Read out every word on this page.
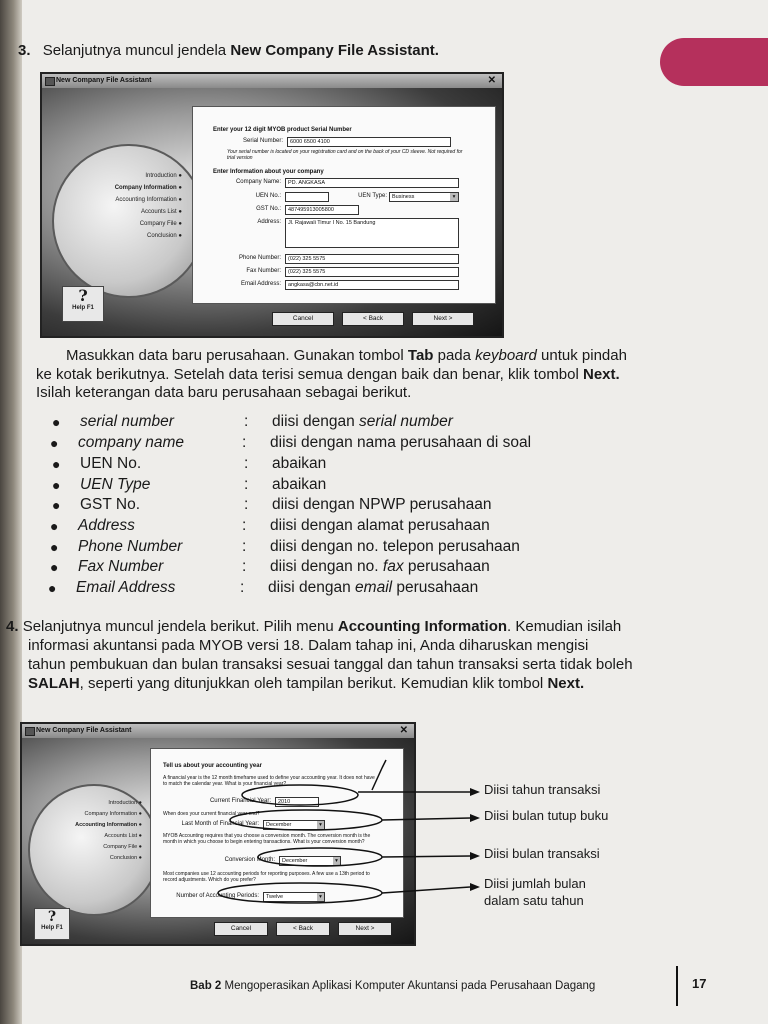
3. Selanjutnya muncul jendela New Company File Assistant.
New Company File Assistant	✕
Introduction ●
Company Information ●
Accounting Information ●
Accounts List ●
Company File ●
Conclusion ●
Enter your 12 digit MYOB product Serial Number
Serial Number:	6000 6500 4100
Your serial number is located on your registration card and on the back of your CD sleeve. Not required for trial version
Enter Information about your company
Company Name:	PD. ANGKASA
UEN No.:	UEN Type: Business	▾
GST No.:	487495913005800
Address:	Jl. Rajawali Timur I No. 15 Bandung
Phone Number:	(022) 325 5575
Fax Number:	(022) 325 5575
Email Address:	angkasa@cbn.net.id
?
Help F1
Cancel	< Back	Next >
Masukkan data baru perusahaan. Gunakan tombol Tab pada keyboard untuk pindah
ke kotak berikutnya. Setelah data terisi semua dengan baik dan benar, klik tombol Next.
Isilah keterangan data baru perusahaan sebagai berikut.
● serial number	: diisi dengan serial number
● company name	: diisi dengan nama perusahaan di soal
● UEN No.	: abaikan
● UEN Type	: abaikan
● GST No.	: diisi dengan NPWP perusahaan
● Address	: diisi dengan alamat perusahaan
● Phone Number	: diisi dengan no. telepon perusahaan
● Fax Number	: diisi dengan no. fax perusahaan
● Email Address	: diisi dengan email perusahaan
4. Selanjutnya muncul jendela berikut. Pilih menu Accounting Information. Kemudian isilah
informasi akuntansi pada MYOB versi 18. Dalam tahap ini, Anda diharuskan mengisi
tahun pembukuan dan bulan transaksi sesuai tanggal dan tahun transaksi serta tidak boleh
SALAH, seperti yang ditunjukkan oleh tampilan berikut. Kemudian klik tombol Next.
New Company File Assistant	✕
Introduction ●
Company Information ●
Accounting Information ●
Accounts List ●
Company File ●
Conclusion ●
Tell us about your accounting year
A financial year is the 12 month timeframe used to define your accounting year. It does not have to match the calendar year. What is your financial year?
Current Financial Year:	2010
When does your current financial year end?
Last Month of Financial Year:	December	▾
MYOB Accounting requires that you choose a conversion month. The conversion month is the month in which you choose to begin entering transactions. What is your conversion month?
Conversion Month:	December	▾
Most companies use 12 accounting periods for reporting purposes. A few use a 13th period to record adjustments. Which do you prefer?
Number of Accounting Periods:	Twelve	▾
?
Help F1	Cancel	< Back	Next >
Diisi tahun transaksi
Diisi bulan tutup buku
Diisi bulan transaksi
Diisi jumlah bulan
dalam satu tahun
Bab 2 Mengoperasikan Aplikasi Komputer Akuntansi pada Perusahaan Dagang	17
